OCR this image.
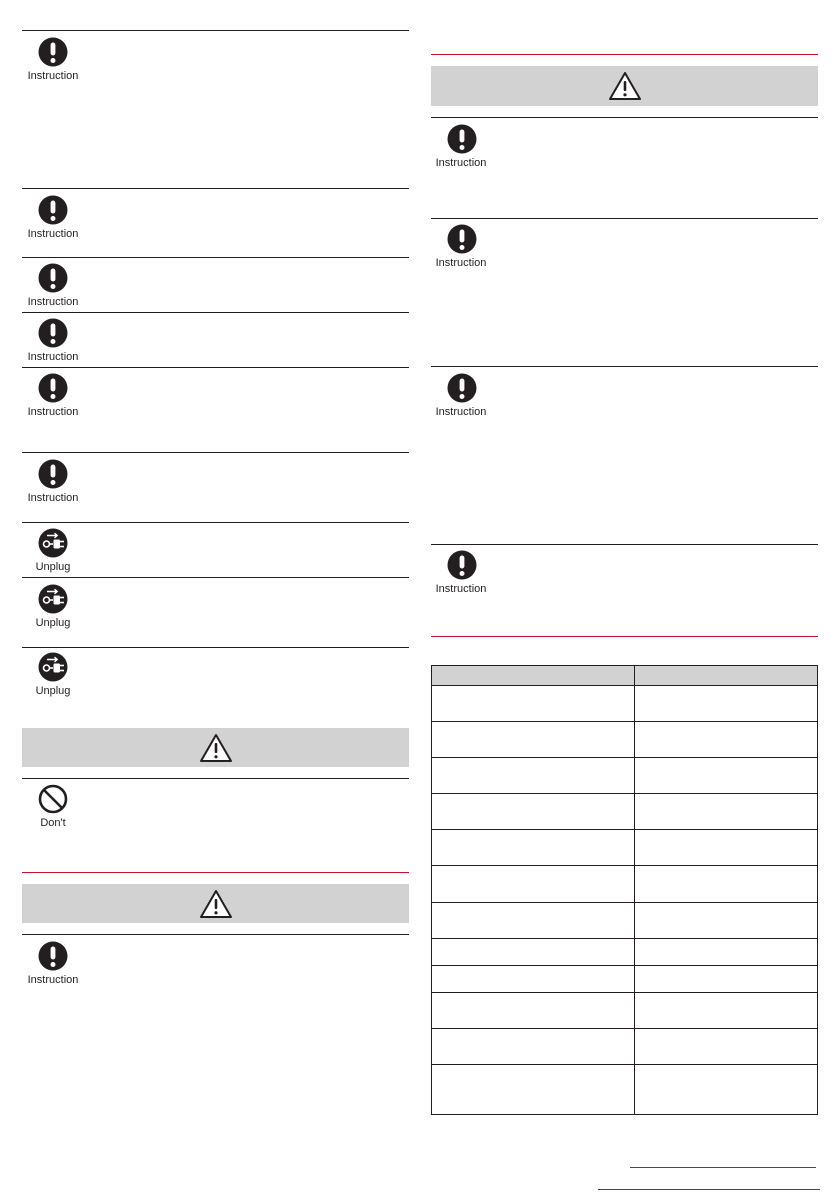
Instruction
Instruction
Instruction
Instruction
Instruction
Instruction
Unplug
Unplug
Unplug
Don't
Instruction
Instruction
Instruction
Instruction
Instruction
